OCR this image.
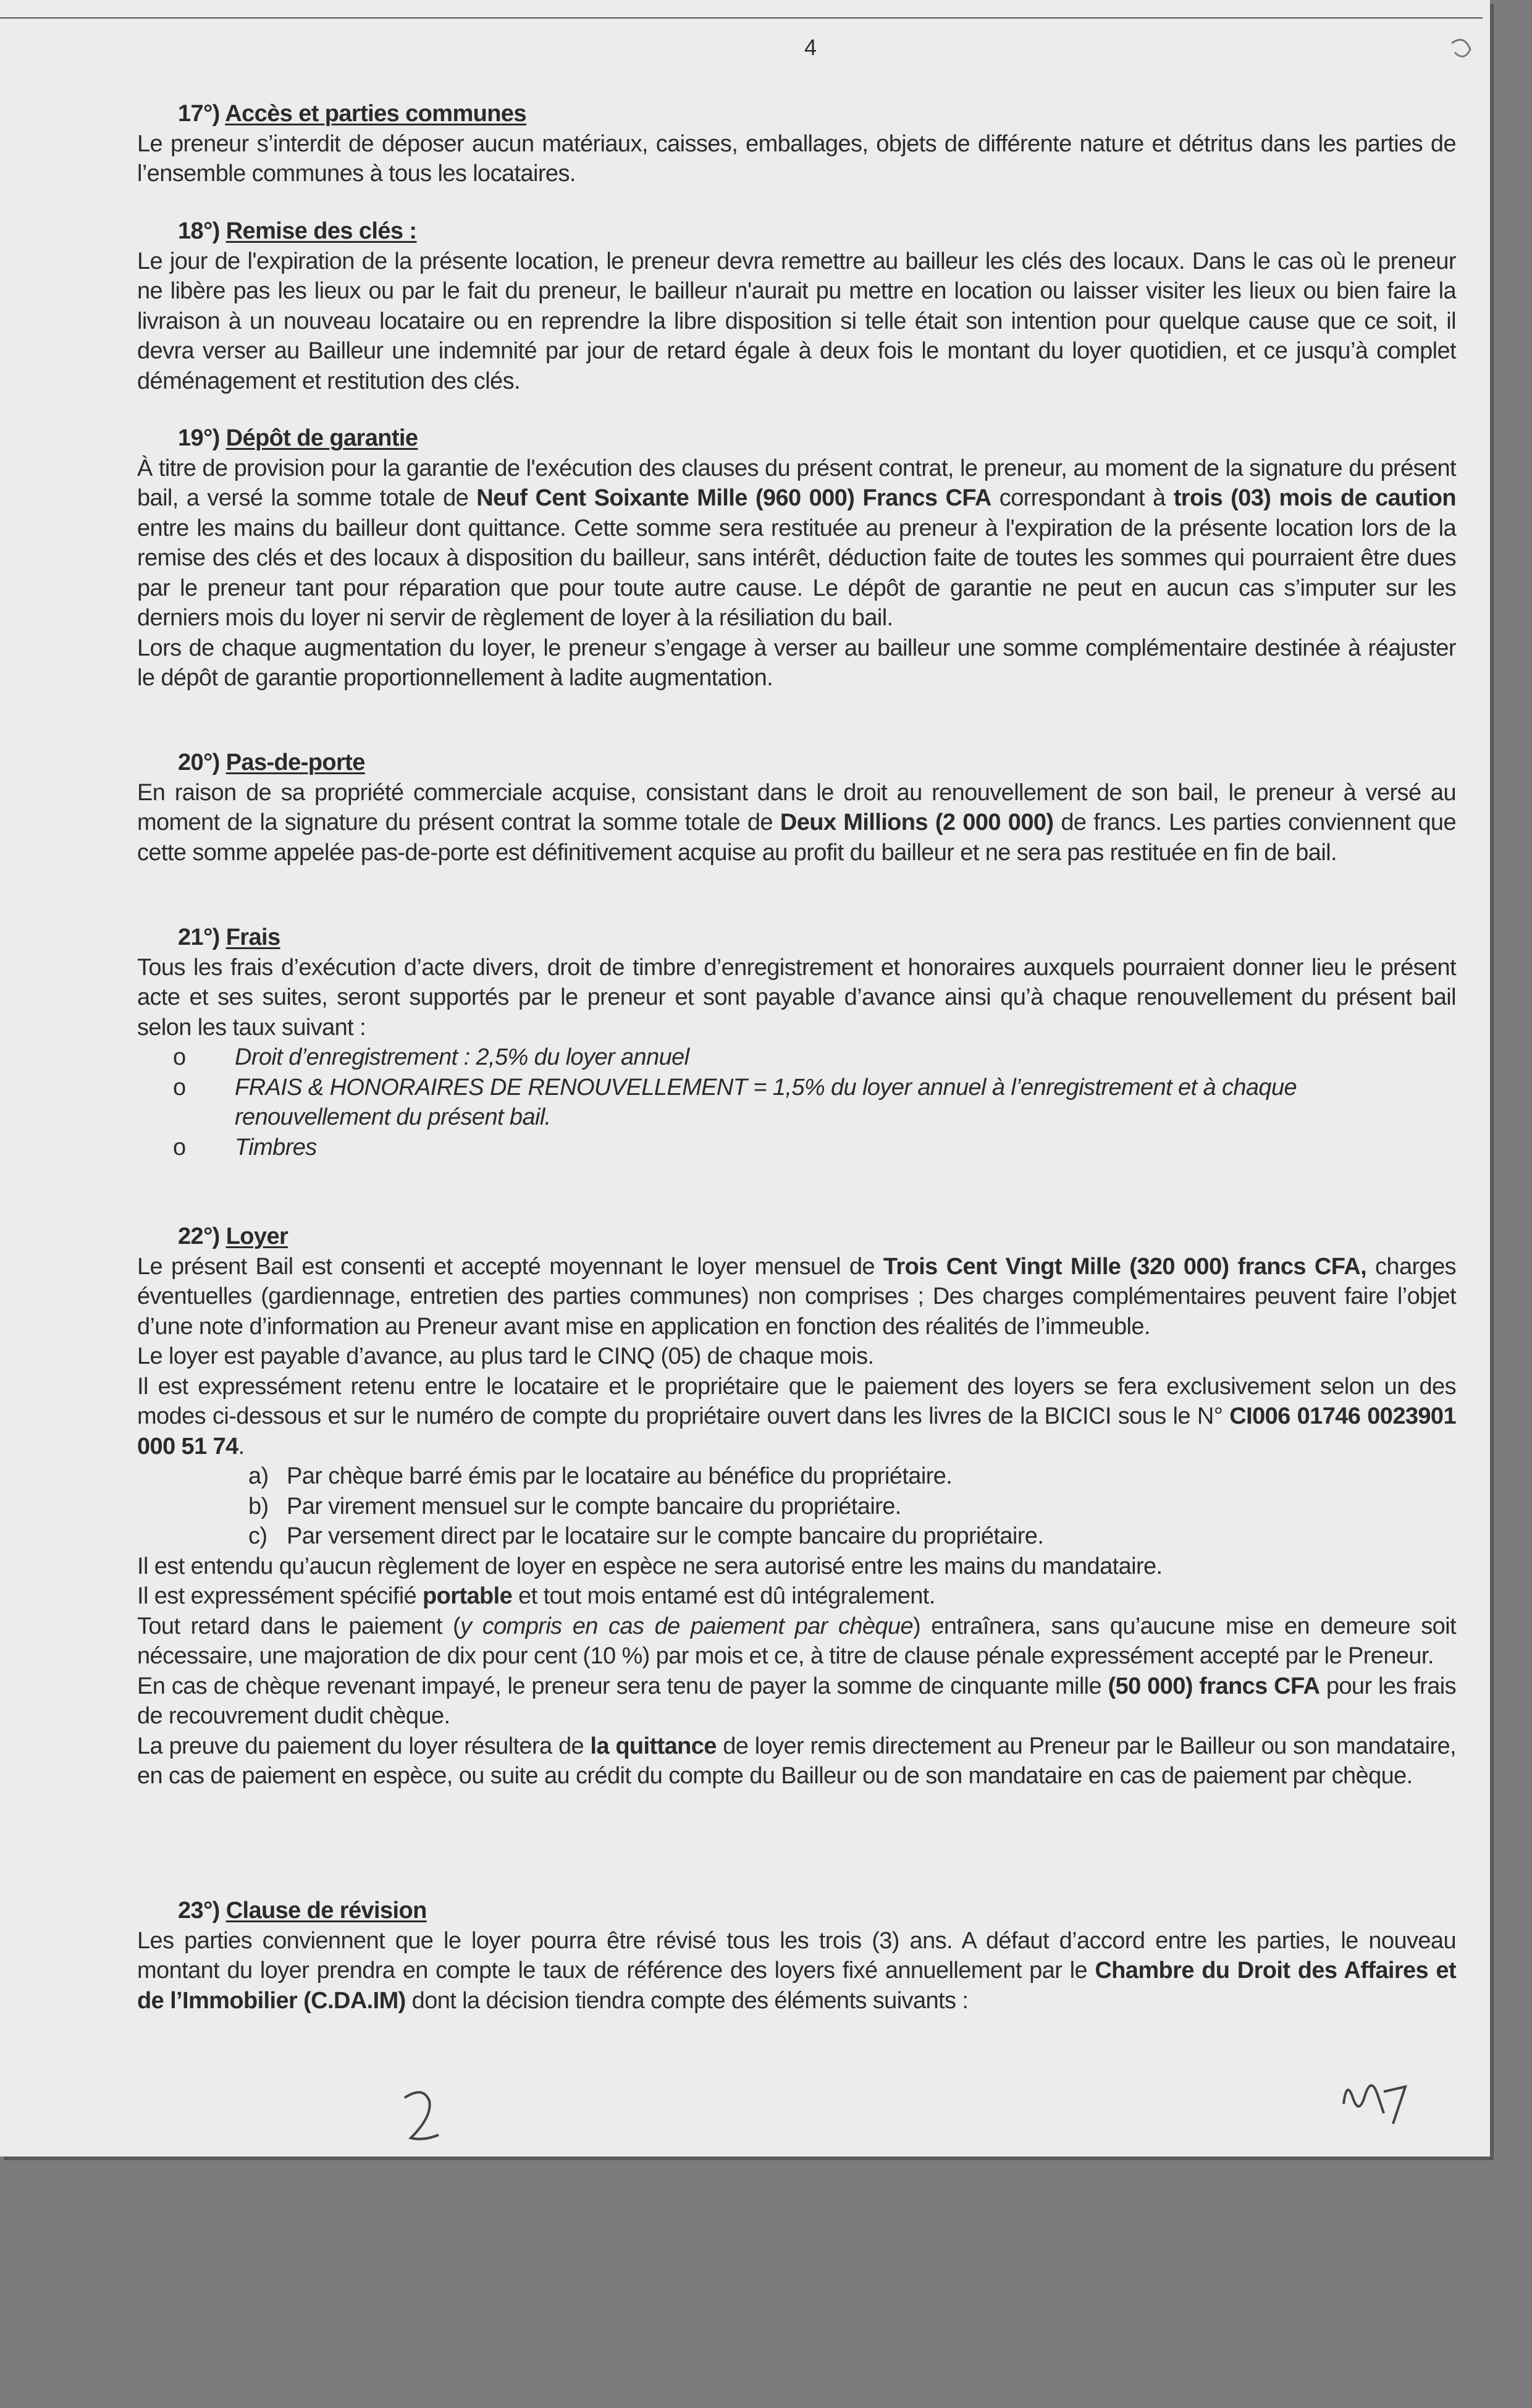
4
17°) Accès et parties communes
Le preneur s’interdit de déposer aucun matériaux, caisses, emballages, objets de différente nature et détritus dans les parties de l’ensemble communes à tous les locataires.
18°) Remise des clés :
Le jour de l'expiration de la présente location, le preneur devra remettre au bailleur les clés des locaux. Dans le cas où le preneur ne libère pas les lieux ou par le fait du preneur, le bailleur n'aurait pu mettre en location ou laisser visiter les lieux ou bien faire la livraison à un nouveau locataire ou en reprendre la libre disposition si telle était son intention pour quelque cause que ce soit, il devra verser au Bailleur une indemnité par jour de retard égale à deux fois le montant du loyer quotidien, et ce jusqu’à complet déménagement et restitution des clés.
19°) Dépôt de garantie
À titre de provision pour la garantie de l'exécution des clauses du présent contrat, le preneur, au moment de la signature du présent bail, a versé la somme totale de Neuf Cent Soixante Mille (960 000) Francs CFA correspondant à trois (03) mois de caution entre les mains du bailleur dont quittance. Cette somme sera restituée au preneur à l'expiration de la présente location lors de la remise des clés et des locaux à disposition du bailleur, sans intérêt, déduction faite de toutes les sommes qui pourraient être dues par le preneur tant pour réparation que pour toute autre cause. Le dépôt de garantie ne peut en aucun cas s’imputer sur les derniers mois du loyer ni servir de règlement de loyer à la résiliation du bail.
Lors de chaque augmentation du loyer, le preneur s’engage à verser au bailleur une somme complémentaire destinée à réajuster le dépôt de garantie proportionnellement à ladite augmentation.
20°) Pas-de-porte
En raison de sa propriété commerciale acquise, consistant dans le droit au renouvellement de son bail, le preneur à versé au moment de la signature du présent contrat la somme totale de Deux Millions (2 000 000) de francs. Les parties conviennent que cette somme appelée pas-de-porte est définitivement acquise au profit du bailleur et ne sera pas restituée en fin de bail.
21°) Frais
Tous les frais d’exécution d’acte divers, droit de timbre d’enregistrement et honoraires auxquels pourraient donner lieu le présent acte et ses suites, seront supportés par le preneur et sont payable d’avance ainsi qu’à chaque renouvellement du présent bail selon les taux suivant :
o	Droit d’enregistrement : 2,5% du loyer annuel
o	FRAIS & HONORAIRES DE RENOUVELLEMENT = 1,5% du loyer annuel à l’enregistrement et à chaque renouvellement du présent bail.
o	Timbres
22°) Loyer
Le présent Bail est consenti et accepté moyennant le loyer mensuel de Trois Cent Vingt Mille (320 000) francs CFA, charges éventuelles (gardiennage, entretien des parties communes) non comprises ; Des charges complémentaires peuvent faire l’objet d’une note d’information au Preneur avant mise en application en fonction des réalités de l’immeuble.
Le loyer est payable d’avance, au plus tard le CINQ (05) de chaque mois.
Il est expressément retenu entre le locataire et le propriétaire que le paiement des loyers se fera exclusivement selon un des modes ci-dessous et sur le numéro de compte du propriétaire ouvert dans les livres de la BICICI sous le N° CI006 01746 0023901 000 51 74.
a) Par chèque barré émis par le locataire au bénéfice du propriétaire.
b) Par virement mensuel sur le compte bancaire du propriétaire.
c) Par versement direct par le locataire sur le compte bancaire du propriétaire.
Il est entendu qu’aucun règlement de loyer en espèce ne sera autorisé entre les mains du mandataire.
Il est expressément spécifié portable et tout mois entamé est dû intégralement.
Tout retard dans le paiement (y compris en cas de paiement par chèque) entraînera, sans qu’aucune mise en demeure soit nécessaire, une majoration de dix pour cent (10 %) par mois et ce, à titre de clause pénale expressément accepté par le Preneur.
En cas de chèque revenant impayé, le preneur sera tenu de payer la somme de cinquante mille (50 000) francs CFA pour les frais de recouvrement dudit chèque.
La preuve du paiement du loyer résultera de la quittance de loyer remis directement au Preneur par le Bailleur ou son mandataire, en cas de paiement en espèce, ou suite au crédit du compte du Bailleur ou de son mandataire en cas de paiement par chèque.
23°) Clause de révision
Les parties conviennent que le loyer pourra être révisé tous les trois (3) ans. A défaut d’accord entre les parties, le nouveau montant du loyer prendra en compte le taux de référence des loyers fixé annuellement par le Chambre du Droit des Affaires et de l’Immobilier (C.DA.IM) dont la décision tiendra compte des éléments suivants :
